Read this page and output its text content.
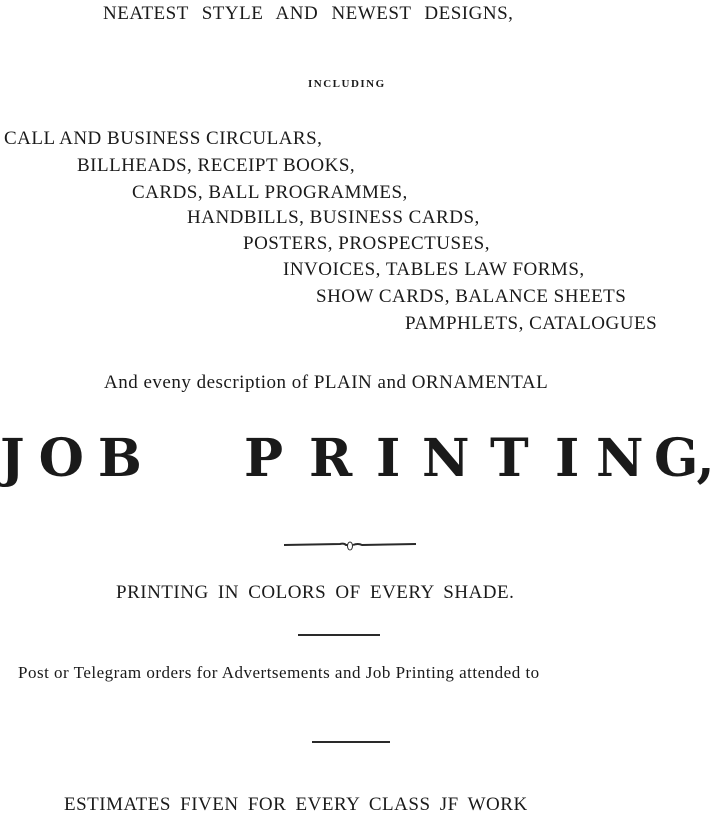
NEATEST STYLE AND NEWEST DESIGNS,
INCLUDING
CALL AND BUSINESS CIRCULARS,
BILLHEADS, RECEIPT BOOKS,
CARDS, BALL PROGRAMMES,
HANDBILLS, BUSINESS CARDS,
POSTERS, PROSPECTUSES,
INVOICES, TABLES LAW FORMS,
SHOW CARDS, BALANCE SHEETS
PAMPHLETS, CATALOGUES
And eveny description of PLAIN and ORNAMENTAL
JOB P R I N T I N G,
PRINTING IN COLORS OF EVERY SHADE.
Post or Telegram orders for Advertsements and Job Printing attended to
ESTIMATES FIVEN FOR EVERY CLASS JF WORK
